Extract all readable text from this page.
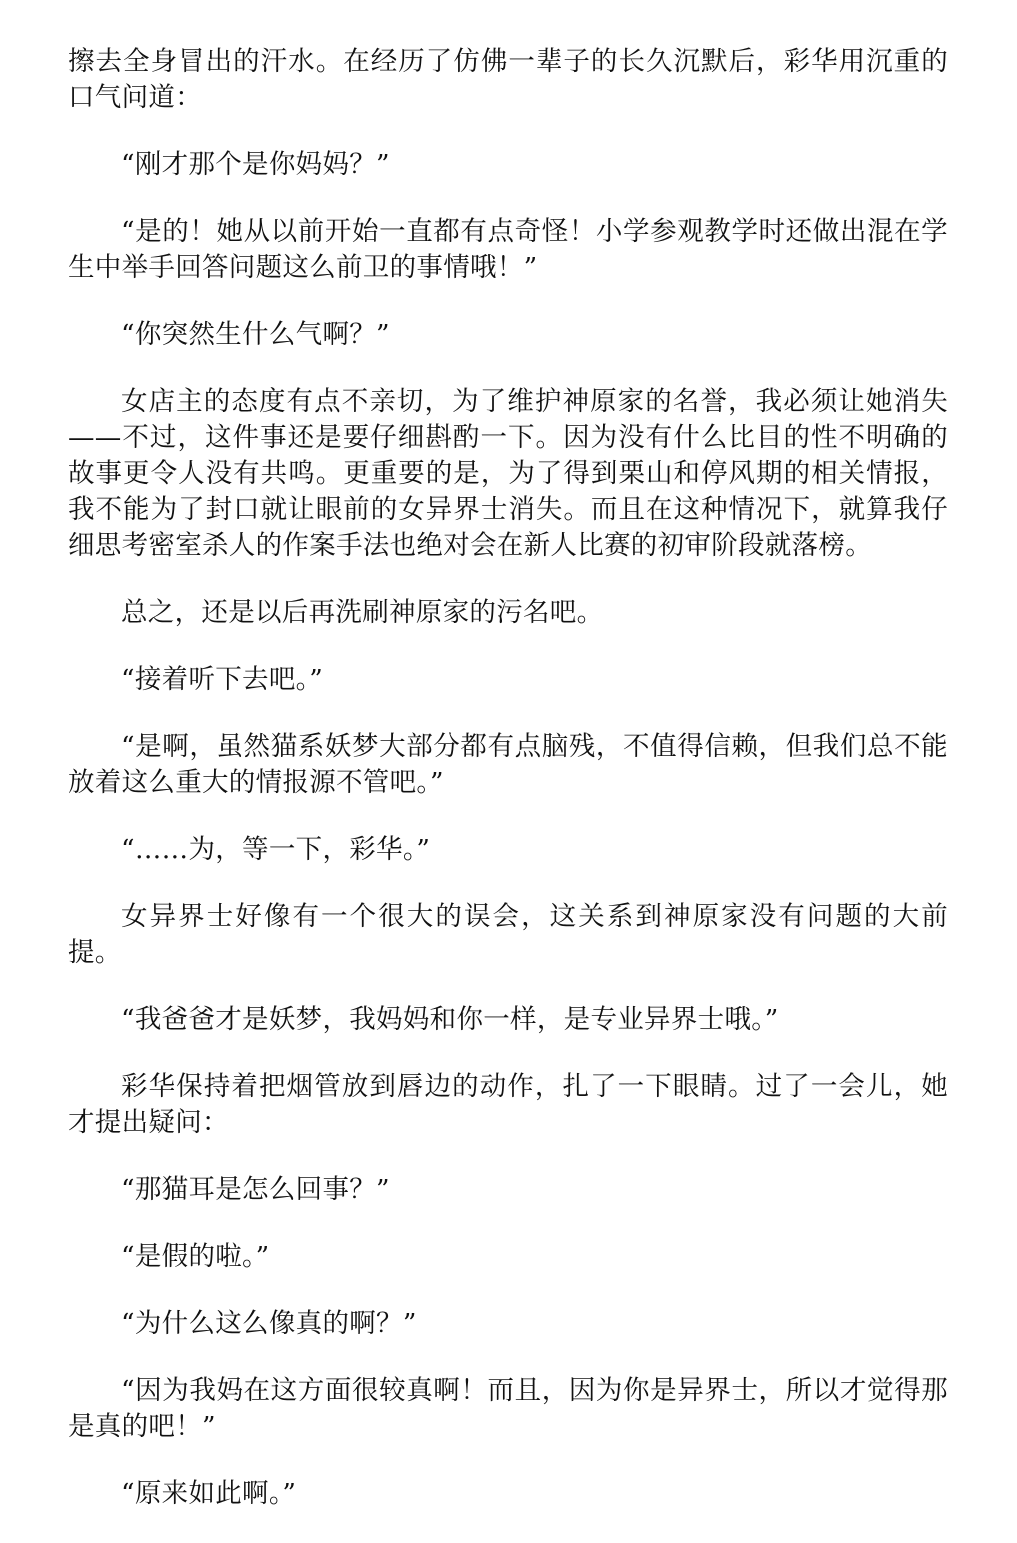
擦去全身冒出的汗水。在经历了仿佛一辈子的长久沉默后，彩华用沉重的口气问道：

“刚才那个是你妈妈？”

“是的！她从以前开始一直都有点奇怪！小学参观教学时还做出混在学生中举手回答问题这么前卫的事情哦！”

“你突然生什么气啊？”

女店主的态度有点不亲切，为了维护神原家的名誉，我必须让她消失——不过，这件事还是要仔细斟酌一下。因为没有什么比目的性不明确的故事更令人没有共鸣。更重要的是，为了得到栗山和停风期的相关情报，我不能为了封口就让眼前的女异界士消失。而且在这种情况下，就算我仔细思考密室杀人的作案手法也绝对会在新人比赛的初审阶段就落榜。

总之，还是以后再洗刷神原家的污名吧。

“接着听下去吧。”

“是啊，虽然猫系妖梦大部分都有点脑残，不值得信赖，但我们总不能放着这么重大的情报源不管吧。”

“……为，等一下，彩华。”

女异界士好像有一个很大的误会，这关系到神原家没有问题的大前提。

“我爸爸才是妖梦，我妈妈和你一样，是专业异界士哦。”

彩华保持着把烟管放到唇边的动作，扎了一下眼睛。过了一会儿，她才提出疑问：

“那猫耳是怎么回事？”

“是假的啦。”

“为什么这么像真的啊？”

“因为我妈在这方面很较真啊！而且，因为你是异界士，所以才觉得那是真的吧！”

“原来如此啊。”
